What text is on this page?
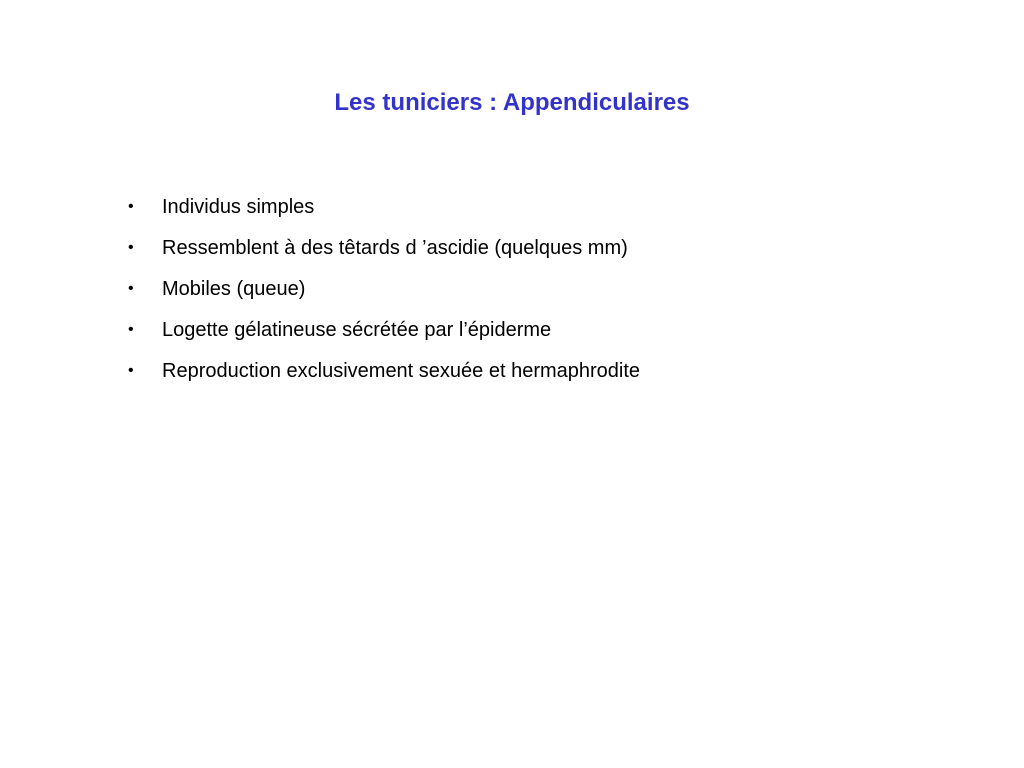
Les tuniciers : Appendiculaires
•	Individus simples
•	Ressemblent à des têtards d ’ascidie (quelques mm)
•	Mobiles (queue)
•	Logette gélatineuse sécrétée par l’épiderme
•	Reproduction exclusivement sexuée et hermaphrodite
